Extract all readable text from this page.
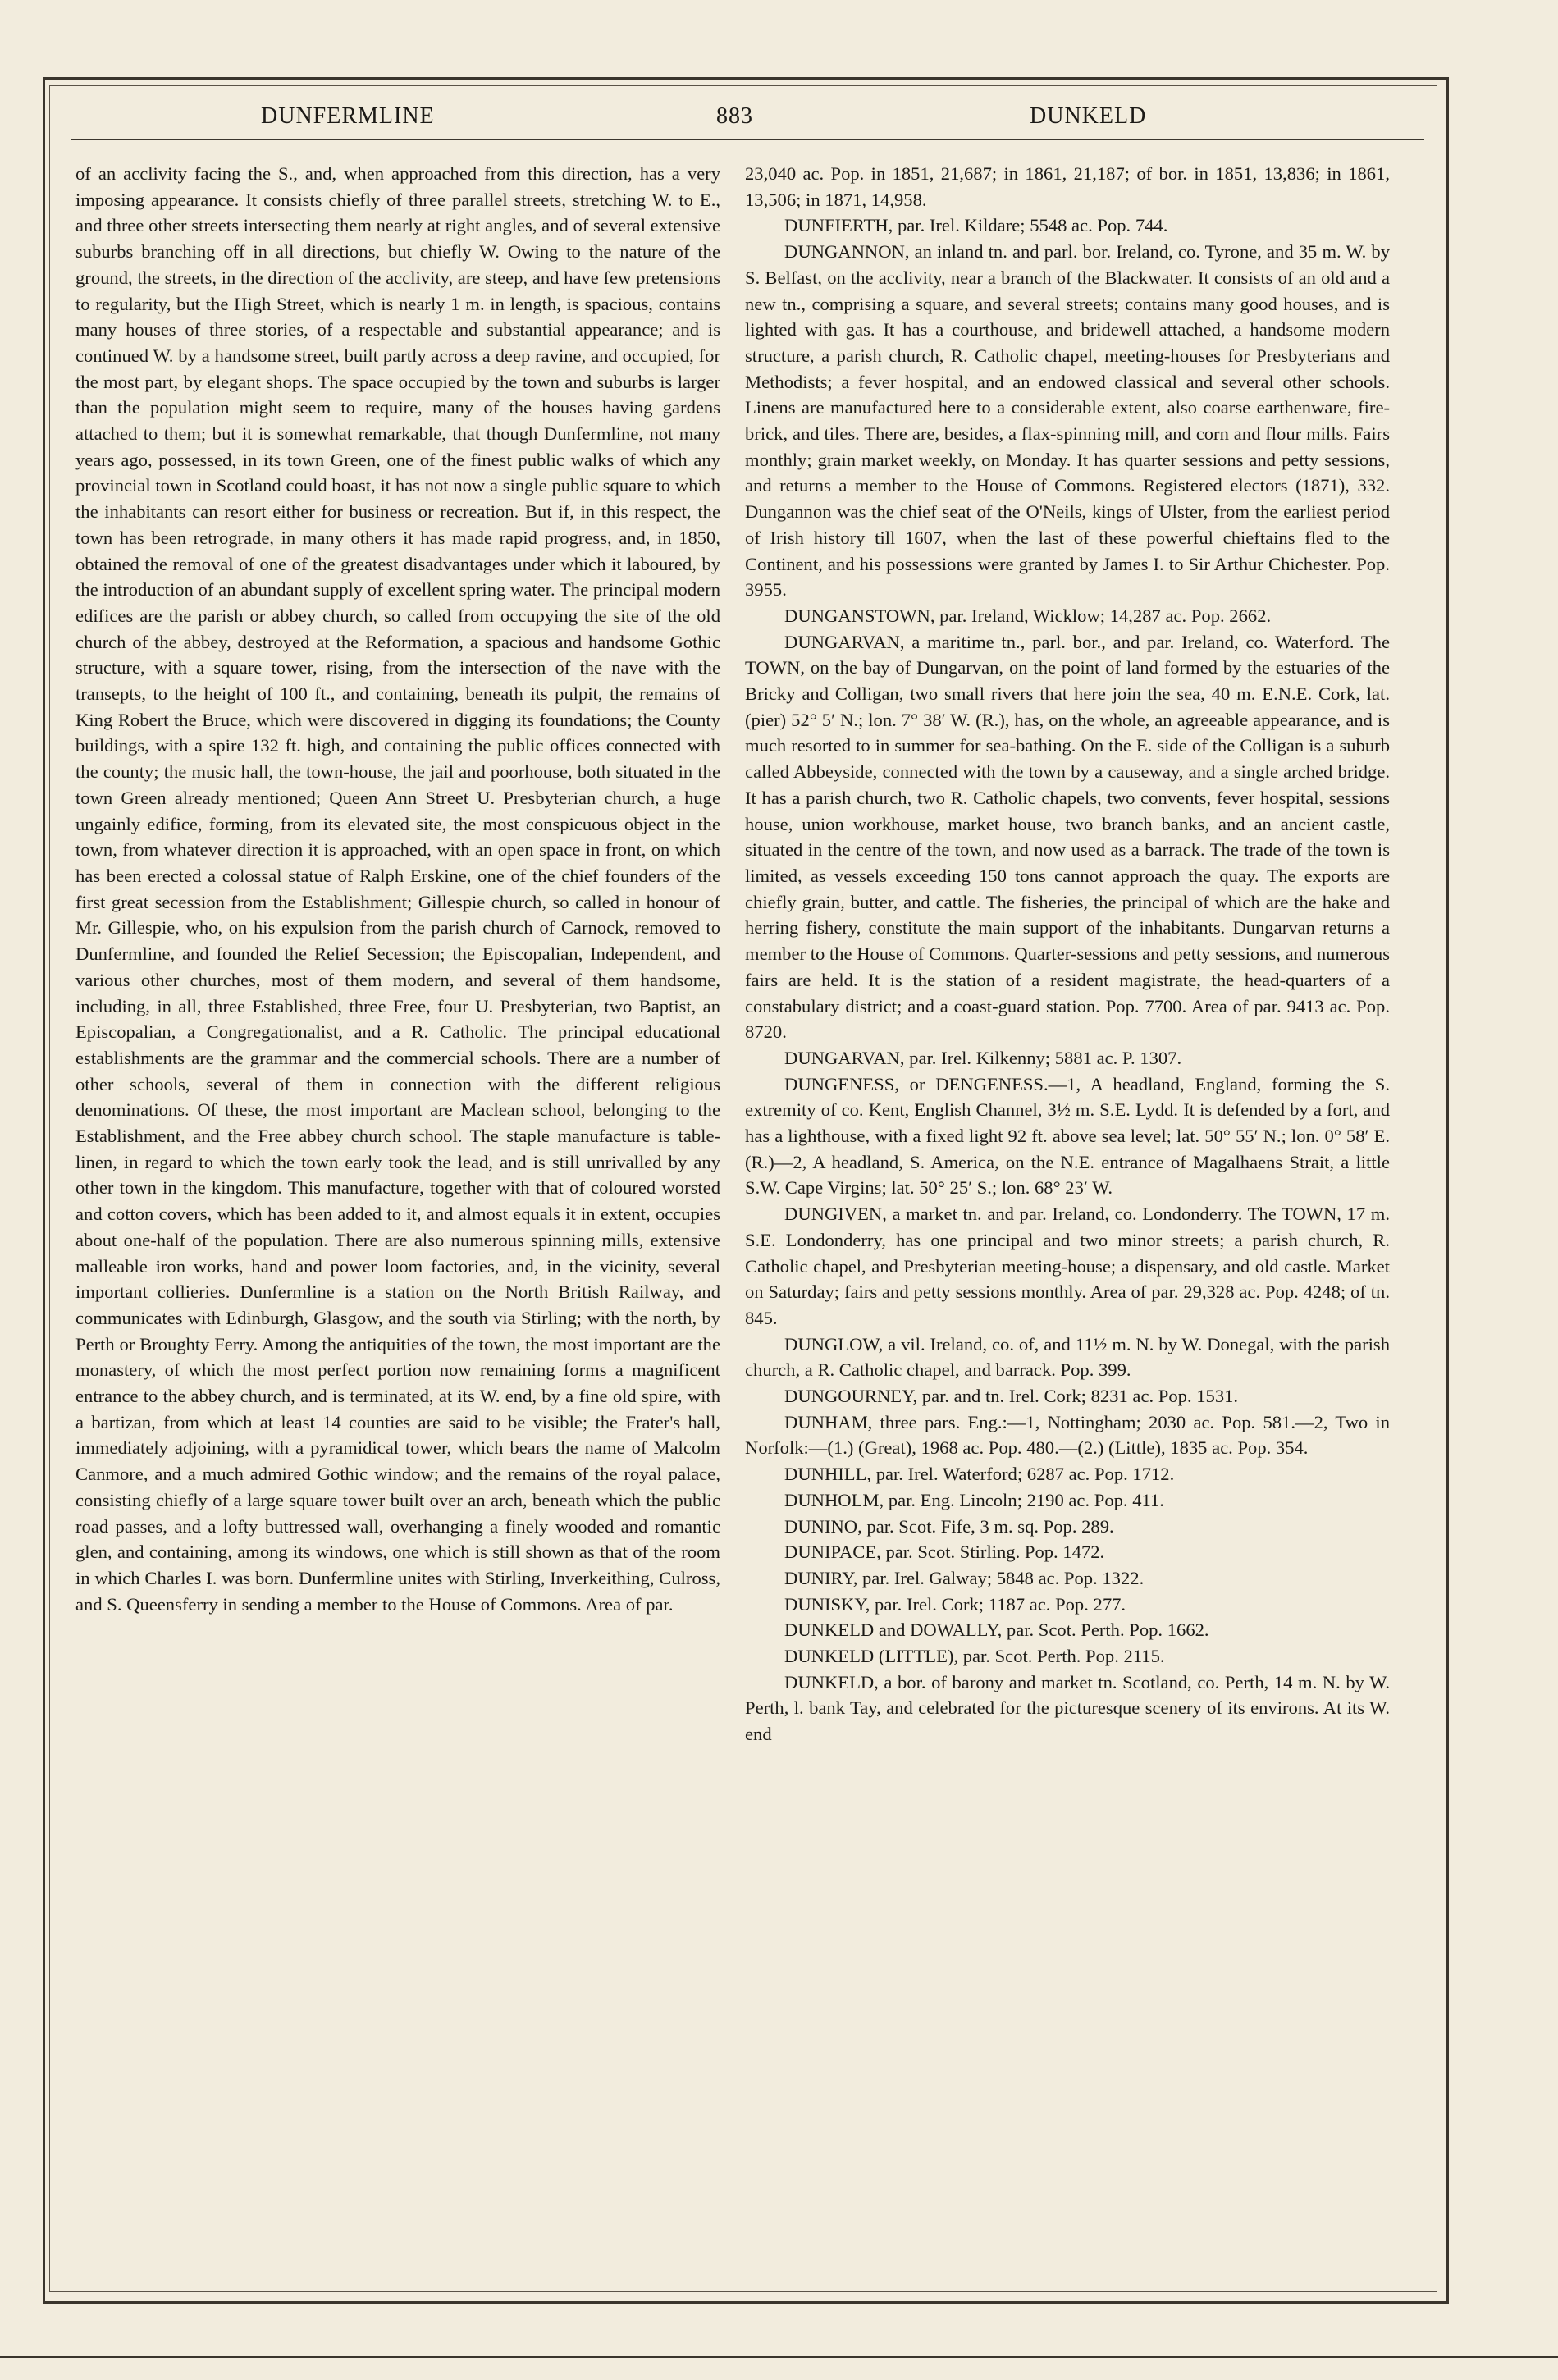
DUNFERMLINE	883	DUNKELD

of an acclivity facing the S., and, when approached from this direction, has a very imposing appearance. It consists chiefly of three parallel streets, stretching W. to E., and three other streets intersecting them nearly at right angles, and of several extensive suburbs branching off in all directions, but chiefly W. Owing to the nature of the ground, the streets, in the direction of the acclivity, are steep, and have few pretensions to regularity, but the High Street, which is nearly 1 m. in length, is spacious, contains many houses of three stories, of a respectable and substantial appearance; and is continued W. by a handsome street, built partly across a deep ravine, and occupied, for the most part, by elegant shops. The space occupied by the town and suburbs is larger than the population might seem to require, many of the houses having gardens attached to them; but it is somewhat remarkable, that though Dunfermline, not many years ago, possessed, in its town Green, one of the finest public walks of which any provincial town in Scotland could boast, it has not now a single public square to which the inhabitants can resort either for business or recreation. But if, in this respect, the town has been retrograde, in many others it has made rapid progress, and, in 1850, obtained the removal of one of the greatest disadvantages under which it laboured, by the introduction of an abundant supply of excellent spring water. The principal modern edifices are the parish or abbey church, so called from occupying the site of the old church of the abbey, destroyed at the Reformation, a spacious and handsome Gothic structure, with a square tower, rising, from the intersection of the nave with the transepts, to the height of 100 ft., and containing, beneath its pulpit, the remains of King Robert the Bruce, which were discovered in digging its foundations; the County buildings, with a spire 132 ft. high, and containing the public offices connected with the county; the music hall, the town-house, the jail and poorhouse, both situated in the town Green already mentioned; Queen Ann Street U. Presbyterian church, a huge ungainly edifice, forming, from its elevated site, the most conspicuous object in the town, from whatever direction it is approached, with an open space in front, on which has been erected a colossal statue of Ralph Erskine, one of the chief founders of the first great secession from the Establishment; Gillespie church, so called in honour of Mr. Gillespie, who, on his expulsion from the parish church of Carnock, removed to Dunfermline, and founded the Relief Secession; the Episcopalian, Independent, and various other churches, most of them modern, and several of them handsome, including, in all, three Established, three Free, four U. Presbyterian, two Baptist, an Episcopalian, a Congregationalist, and a R. Catholic. The principal educational establishments are the grammar and the commercial schools. There are a number of other schools, several of them in connection with the different religious denominations. Of these, the most important are Maclean school, belonging to the Establishment, and the Free abbey church school. The staple manufacture is table-linen, in regard to which the town early took the lead, and is still unrivalled by any other town in the kingdom. This manufacture, together with that of coloured worsted and cotton covers, which has been added to it, and almost equals it in extent, occupies about one-half of the population. There are also numerous spinning mills, extensive malleable iron works, hand and power loom factories, and, in the vicinity, several important collieries. Dunfermline is a station on the North British Railway, and communicates with Edinburgh, Glasgow, and the south via Stirling; with the north, by Perth or Broughty Ferry. Among the antiquities of the town, the most important are the monastery, of which the most perfect portion now remaining forms a magnificent entrance to the abbey church, and is terminated, at its W. end, by a fine old spire, with a bartizan, from which at least 14 counties are said to be visible; the Frater's hall, immediately adjoining, with a pyramidical tower, which bears the name of Malcolm Canmore, and a much admired Gothic window; and the remains of the royal palace, consisting chiefly of a large square tower built over an arch, beneath which the public road passes, and a lofty buttressed wall, overhanging a finely wooded and romantic glen, and containing, among its windows, one which is still shown as that of the room in which Charles I. was born. Dunfermline unites with Stirling, Inverkeithing, Culross, and S. Queensferry in sending a member to the House of Commons. Area of par.

23,040 ac. Pop. in 1851, 21,687; in 1861, 21,187; of bor. in 1851, 13,836; in 1861, 13,506; in 1871, 14,958.

DUNFIERTH, par. Irel. Kildare; 5548 ac. Pop. 744.

DUNGANNON, an inland tn. and parl. bor. Ireland, co. Tyrone, and 35 m. W. by S. Belfast, on the acclivity, near a branch of the Blackwater. It consists of an old and a new tn., comprising a square, and several streets; contains many good houses, and is lighted with gas. It has a courthouse, and bridewell attached, a handsome modern structure, a parish church, R. Catholic chapel, meeting-houses for Presbyterians and Methodists; a fever hospital, and an endowed classical and several other schools. Linens are manufactured here to a considerable extent, also coarse earthenware, fire-brick, and tiles. There are, besides, a flax-spinning mill, and corn and flour mills. Fairs monthly; grain market weekly, on Monday. It has quarter sessions and petty sessions, and returns a member to the House of Commons. Registered electors (1871), 332. Dungannon was the chief seat of the O'Neils, kings of Ulster, from the earliest period of Irish history till 1607, when the last of these powerful chieftains fled to the Continent, and his possessions were granted by James I. to Sir Arthur Chichester. Pop. 3955.

DUNGANSTOWN, par. Ireland, Wicklow; 14,287 ac. Pop. 2662.

DUNGARVAN, a maritime tn., parl. bor., and par. Ireland, co. Waterford. The TOWN, on the bay of Dungarvan, on the point of land formed by the estuaries of the Bricky and Colligan, two small rivers that here join the sea, 40 m. E.N.E. Cork, lat. (pier) 52° 5′ N.; lon. 7° 38′ W. (R.), has, on the whole, an agreeable appearance, and is much resorted to in summer for sea-bathing. On the E. side of the Colligan is a suburb called Abbeyside, connected with the town by a causeway, and a single arched bridge. It has a parish church, two R. Catholic chapels, two convents, fever hospital, sessions house, union workhouse, market house, two branch banks, and an ancient castle, situated in the centre of the town, and now used as a barrack. The trade of the town is limited, as vessels exceeding 150 tons cannot approach the quay. The exports are chiefly grain, butter, and cattle. The fisheries, the principal of which are the hake and herring fishery, constitute the main support of the inhabitants. Dungarvan returns a member to the House of Commons. Quarter-sessions and petty sessions, and numerous fairs are held. It is the station of a resident magistrate, the head-quarters of a constabulary district; and a coast-guard station. Pop. 7700. Area of par. 9413 ac. Pop. 8720.

DUNGARVAN, par. Irel. Kilkenny; 5881 ac. P. 1307.

DUNGENESS, or DENGENESS.—1, A headland, England, forming the S. extremity of co. Kent, English Channel, 3½ m. S.E. Lydd. It is defended by a fort, and has a lighthouse, with a fixed light 92 ft. above sea level; lat. 50° 55′ N.; lon. 0° 58′ E. (R.)—2, A headland, S. America, on the N.E. entrance of Magalhaens Strait, a little S.W. Cape Virgins; lat. 50° 25′ S.; lon. 68° 23′ W.

DUNGIVEN, a market tn. and par. Ireland, co. Londonderry. The TOWN, 17 m. S.E. Londonderry, has one principal and two minor streets; a parish church, R. Catholic chapel, and Presbyterian meeting-house; a dispensary, and old castle. Market on Saturday; fairs and petty sessions monthly. Area of par. 29,328 ac. Pop. 4248; of tn. 845.

DUNGLOW, a vil. Ireland, co. of, and 11½ m. N. by W. Donegal, with the parish church, a R. Catholic chapel, and barrack. Pop. 399.

DUNGOURNEY, par. and tn. Irel. Cork; 8231 ac. Pop. 1531.

DUNHAM, three pars. Eng.:—1, Nottingham; 2030 ac. Pop. 581.—2, Two in Norfolk:—(1.) (Great), 1968 ac. Pop. 480.—(2.) (Little), 1835 ac. Pop. 354.

DUNHILL, par. Irel. Waterford; 6287 ac. Pop. 1712.

DUNHOLM, par. Eng. Lincoln; 2190 ac. Pop. 411.

DUNINO, par. Scot. Fife, 3 m. sq. Pop. 289.

DUNIPACE, par. Scot. Stirling. Pop. 1472.

DUNIRY, par. Irel. Galway; 5848 ac. Pop. 1322.

DUNISKY, par. Irel. Cork; 1187 ac. Pop. 277.

DUNKELD and DOWALLY, par. Scot. Perth. Pop. 1662.

DUNKELD (LITTLE), par. Scot. Perth. Pop. 2115.

DUNKELD, a bor. of barony and market tn. Scotland, co. Perth, 14 m. N. by W. Perth, l. bank Tay, and celebrated for the picturesque scenery of its environs. At its W. end
